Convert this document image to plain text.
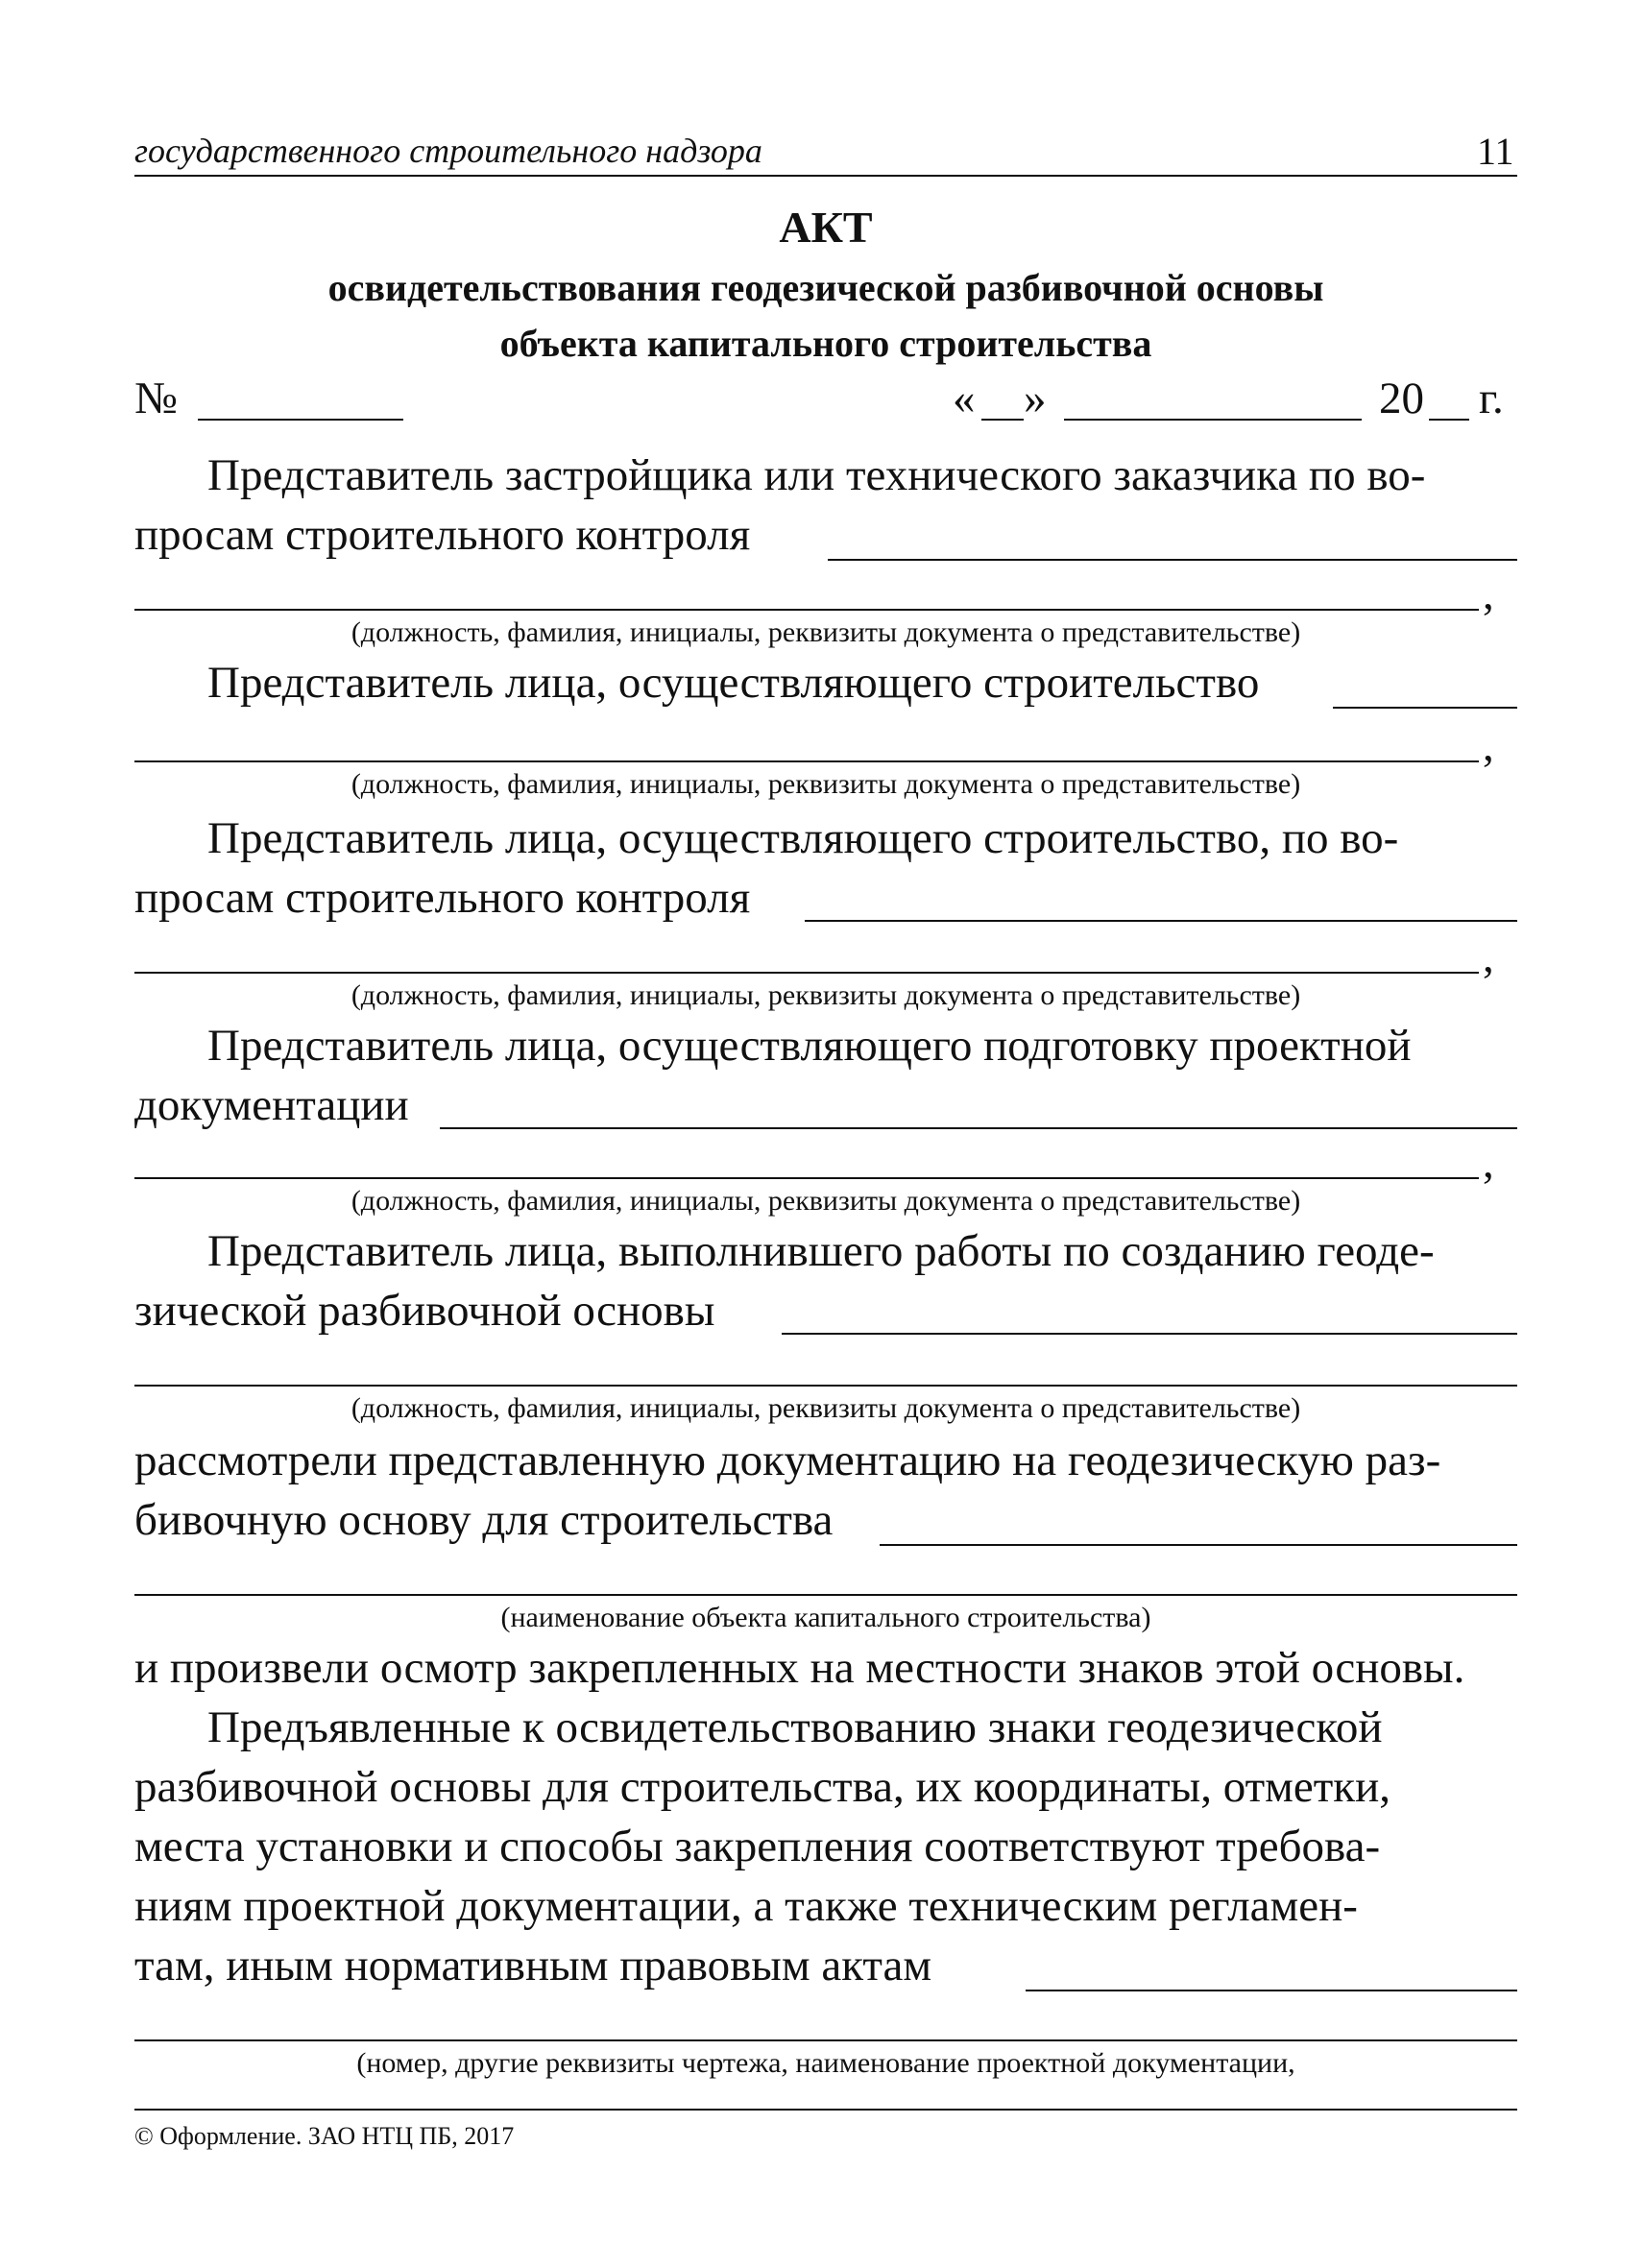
государственного строительного надзора	11
АКТ
освидетельствования геодезической разбивочной основы
объекта капитального строительства
№	« »	20 г.
Представитель застройщика или технического заказчика по во-
просам строительного контроля
,
(должность, фамилия, инициалы, реквизиты документа о представительстве)
Представитель лица, осуществляющего строительство
,
(должность, фамилия, инициалы, реквизиты документа о представительстве)
Представитель лица, осуществляющего строительство, по во-
просам строительного контроля
,
(должность, фамилия, инициалы, реквизиты документа о представительстве)
Представитель лица, осуществляющего подготовку проектной
документации
,
(должность, фамилия, инициалы, реквизиты документа о представительстве)
Представитель лица, выполнившего работы по созданию геоде-
зической разбивочной основы
(должность, фамилия, инициалы, реквизиты документа о представительстве)
рассмотрели представленную документацию на геодезическую раз-
бивочную основу для строительства
(наименование объекта капитального строительства)
и произвели осмотр закрепленных на местности знаков этой основы.
Предъявленные к освидетельствованию знаки геодезической
разбивочной основы для строительства, их координаты, отметки,
места установки и способы закрепления соответствуют требова-
ниям проектной документации, а также техническим регламен-
там, иным нормативным правовым актам
(номер, другие реквизиты чертежа, наименование проектной документации,
© Оформление. ЗАО НТЦ ПБ, 2017
